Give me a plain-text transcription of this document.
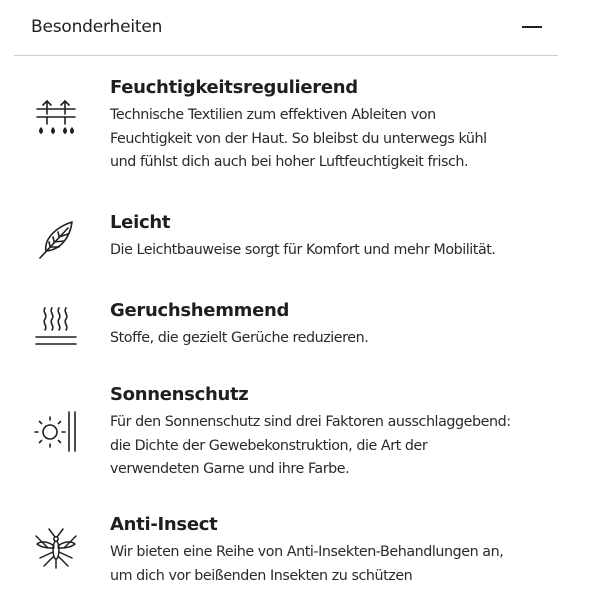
Besonderheiten
Feuchtigkeitsregulierend
Technische Textilien zum effektiven Ableiten von
Feuchtigkeit von der Haut. So bleibst du unterwegs kühl
und fühlst dich auch bei hoher Luftfeuchtigkeit frisch.
Leicht
Die Leichtbauweise sorgt für Komfort und mehr Mobilität.
Geruchshemmend
Stoffe, die gezielt Gerüche reduzieren.
Sonnenschutz
Für den Sonnenschutz sind drei Faktoren ausschlaggebend:
die Dichte der Gewebekonstruktion, die Art der
verwendeten Garne und ihre Farbe.
Anti-Insect
Wir bieten eine Reihe von Anti-Insekten-Behandlungen an,
um dich vor beißenden Insekten zu schützen
